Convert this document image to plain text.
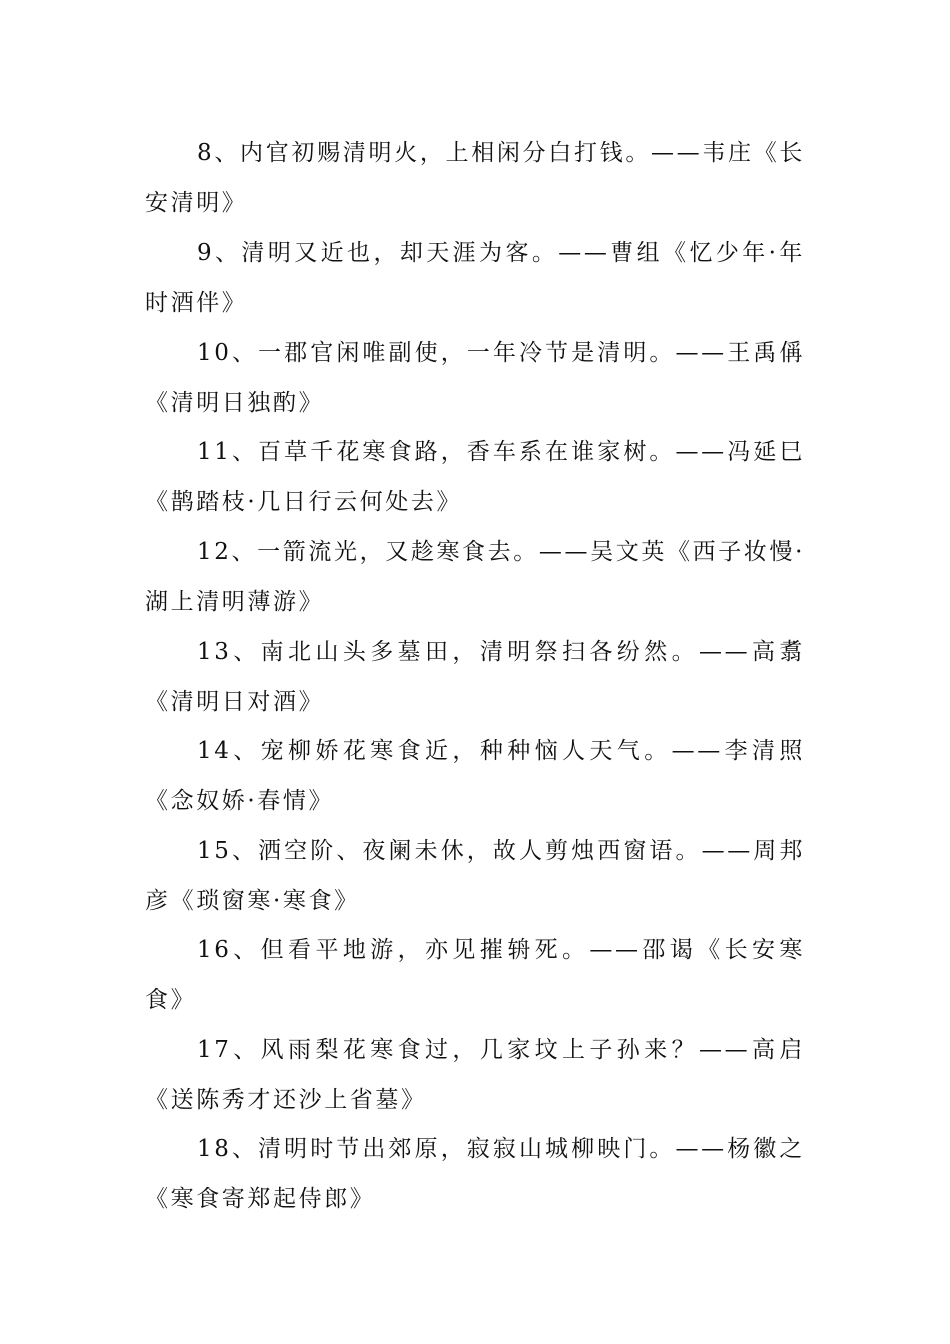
8、内官初赐清明火，上相闲分白打钱。——韦庄《长安清明》

9、清明又近也，却天涯为客。——曹组《忆少年·年时酒伴》

10、一郡官闲唯副使，一年冷节是清明。——王禹偁《清明日独酌》

11、百草千花寒食路，香车系在谁家树。——冯延巳《鹊踏枝·几日行云何处去》

12、一箭流光，又趁寒食去。——吴文英《西子妆慢·湖上清明薄游》

13、南北山头多墓田，清明祭扫各纷然。——高翥《清明日对酒》

14、宠柳娇花寒食近，种种恼人天气。——李清照《念奴娇·春情》

15、洒空阶、夜阑未休，故人剪烛西窗语。——周邦彦《琐窗寒·寒食》

16、但看平地游，亦见摧辀死。——邵谒《长安寒食》

17、风雨梨花寒食过，几家坟上子孙来？——高启《送陈秀才还沙上省墓》

18、清明时节出郊原，寂寂山城柳映门。——杨徽之《寒食寄郑起侍郎》
